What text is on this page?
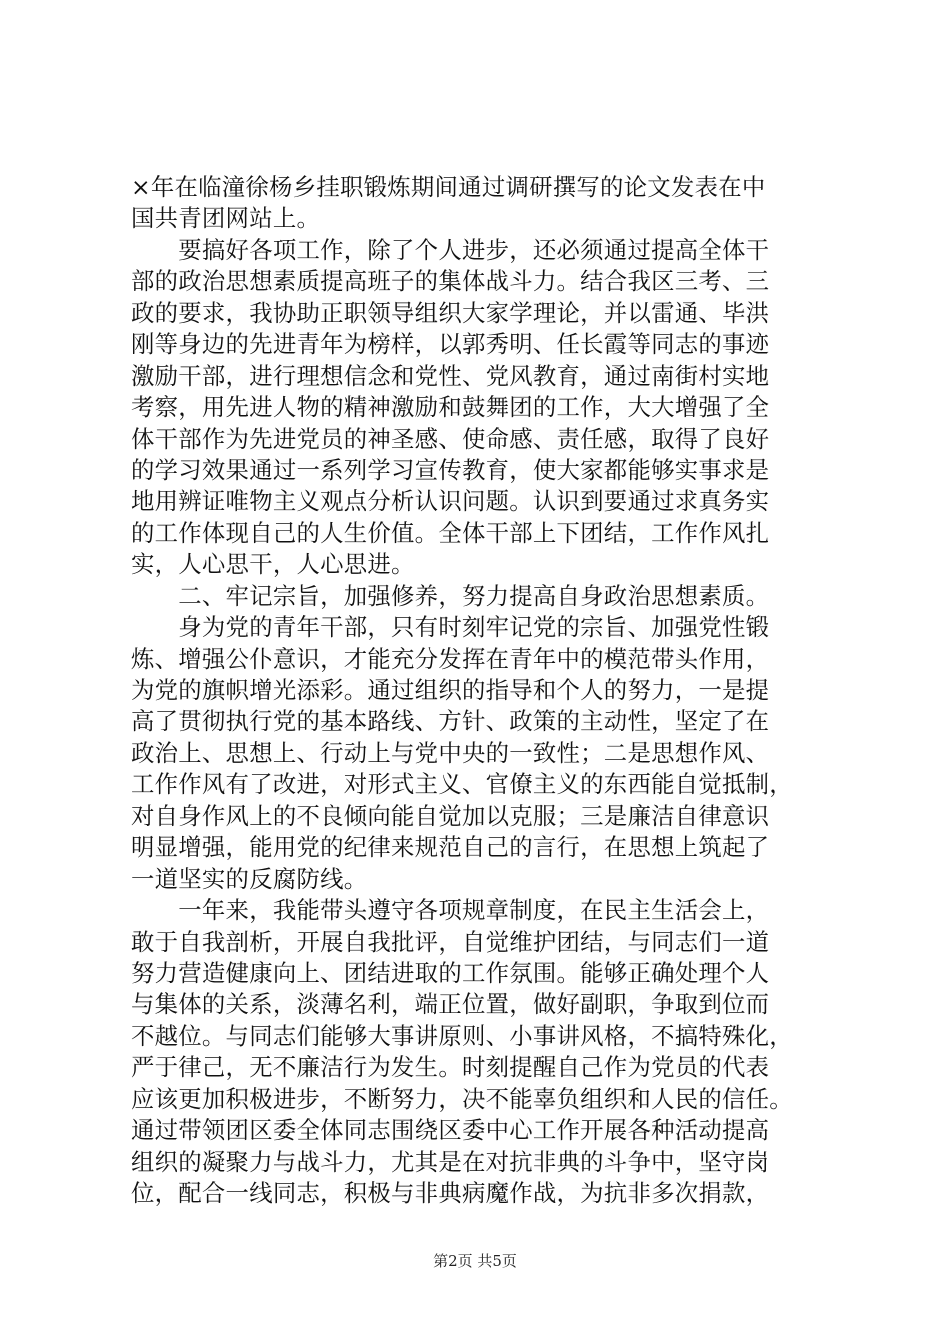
×年在临潼徐杨乡挂职锻炼期间通过调研撰写的论文发表在中
国共青团网站上。
　　要搞好各项工作，除了个人进步，还必须通过提高全体干
部的政治思想素质提高班子的集体战斗力。结合我区三考、三
政的要求，我协助正职领导组织大家学理论，并以雷通、毕洪
刚等身边的先进青年为榜样，以郭秀明、任长霞等同志的事迹
激励干部，进行理想信念和党性、党风教育，通过南街村实地
考察，用先进人物的精神激励和鼓舞团的工作，大大增强了全
体干部作为先进党员的神圣感、使命感、责任感，取得了良好
的学习效果通过一系列学习宣传教育，使大家都能够实事求是
地用辨证唯物主义观点分析认识问题。认识到要通过求真务实
的工作体现自己的人生价值。全体干部上下团结，工作作风扎
实，人心思干，人心思进。
　　二、牢记宗旨，加强修养，努力提高自身政治思想素质。
　　身为党的青年干部，只有时刻牢记党的宗旨、加强党性锻
炼、增强公仆意识，才能充分发挥在青年中的模范带头作用，
为党的旗帜增光添彩。通过组织的指导和个人的努力，一是提
高了贯彻执行党的基本路线、方针、政策的主动性，坚定了在
政治上、思想上、行动上与党中央的一致性；二是思想作风、
工作作风有了改进，对形式主义、官僚主义的东西能自觉抵制，
对自身作风上的不良倾向能自觉加以克服；三是廉洁自律意识
明显增强，能用党的纪律来规范自己的言行，在思想上筑起了
一道坚实的反腐防线。
　　一年来，我能带头遵守各项规章制度，在民主生活会上，
敢于自我剖析，开展自我批评，自觉维护团结，与同志们一道
努力营造健康向上、团结进取的工作氛围。能够正确处理个人
与集体的关系，淡薄名利，端正位置，做好副职，争取到位而
不越位。与同志们能够大事讲原则、小事讲风格，不搞特殊化，
严于律己，无不廉洁行为发生。时刻提醒自己作为党员的代表
应该更加积极进步，不断努力，决不能辜负组织和人民的信任。
通过带领团区委全体同志围绕区委中心工作开展各种活动提高
组织的凝聚力与战斗力，尤其是在对抗非典的斗争中，坚守岗
位，配合一线同志，积极与非典病魔作战，为抗非多次捐款，
第2页 共5页
